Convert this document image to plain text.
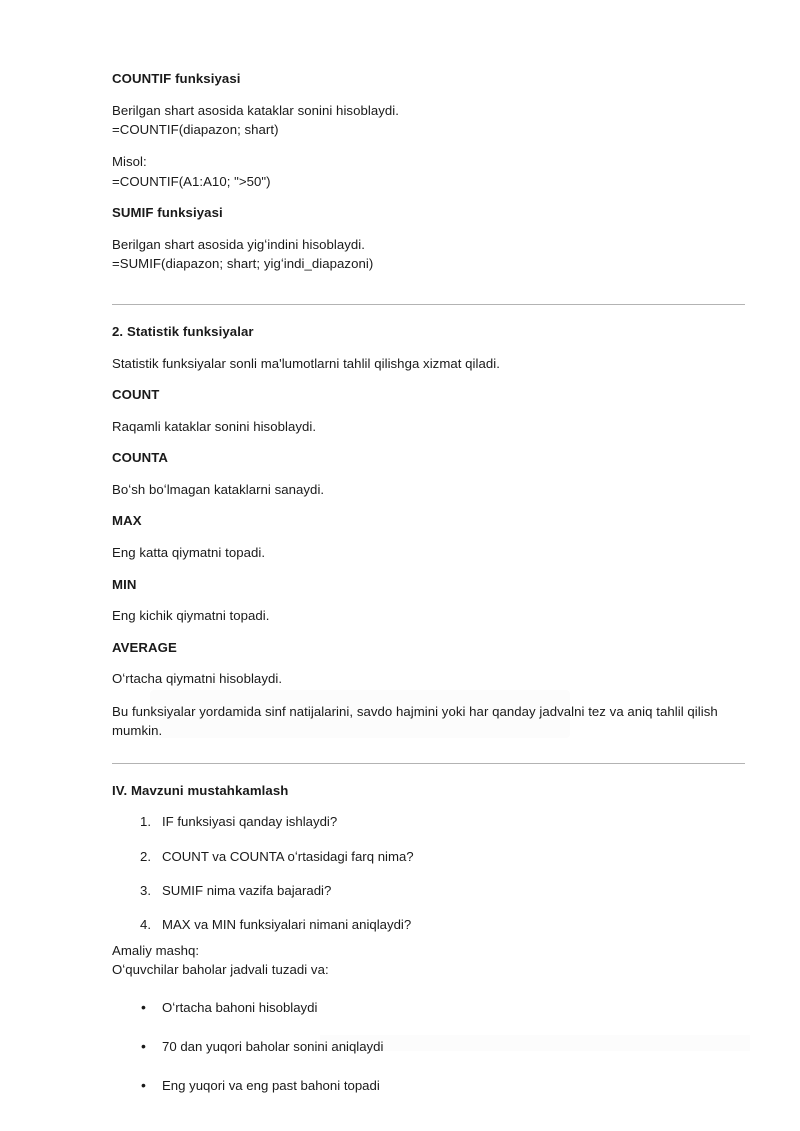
COUNTIF funksiyasi

Berilgan shart asosida kataklar sonini hisoblaydi.
=COUNTIF(diapazon; shart)

Misol:
=COUNTIF(A1:A10; ">50")

SUMIF funksiyasi

Berilgan shart asosida yigʻindini hisoblaydi.
=SUMIF(diapazon; shart; yigʻindi_diapazoni)

2. Statistik funksiyalar

Statistik funksiyalar sonli ma'lumotlarni tahlil qilishga xizmat qiladi.

COUNT

Raqamli kataklar sonini hisoblaydi.

COUNTA

Boʻsh boʻlmagan kataklarni sanaydi.

MAX

Eng katta qiymatni topadi.

MIN

Eng kichik qiymatni topadi.

AVERAGE

Oʻrtacha qiymatni hisoblaydi.

Bu funksiyalar yordamida sinf natijalarini, savdo hajmini yoki har qanday jadvalni tez va aniq tahlil qilish mumkin.

IV. Mavzuni mustahkamlash
IF funksiyasi qanday ishlaydi?
COUNT va COUNTA oʻrtasidagi farq nima?
SUMIF nima vazifa bajaradi?
MAX va MIN funksiyalari nimani aniqlaydi?

Amaliy mashq:
Oʻquvchilar baholar jadvali tuzadi va:

• Oʻrtacha bahoni hisoblaydi
• 70 dan yuqori baholar sonini aniqlaydi
• Eng yuqori va eng past bahoni topadi
